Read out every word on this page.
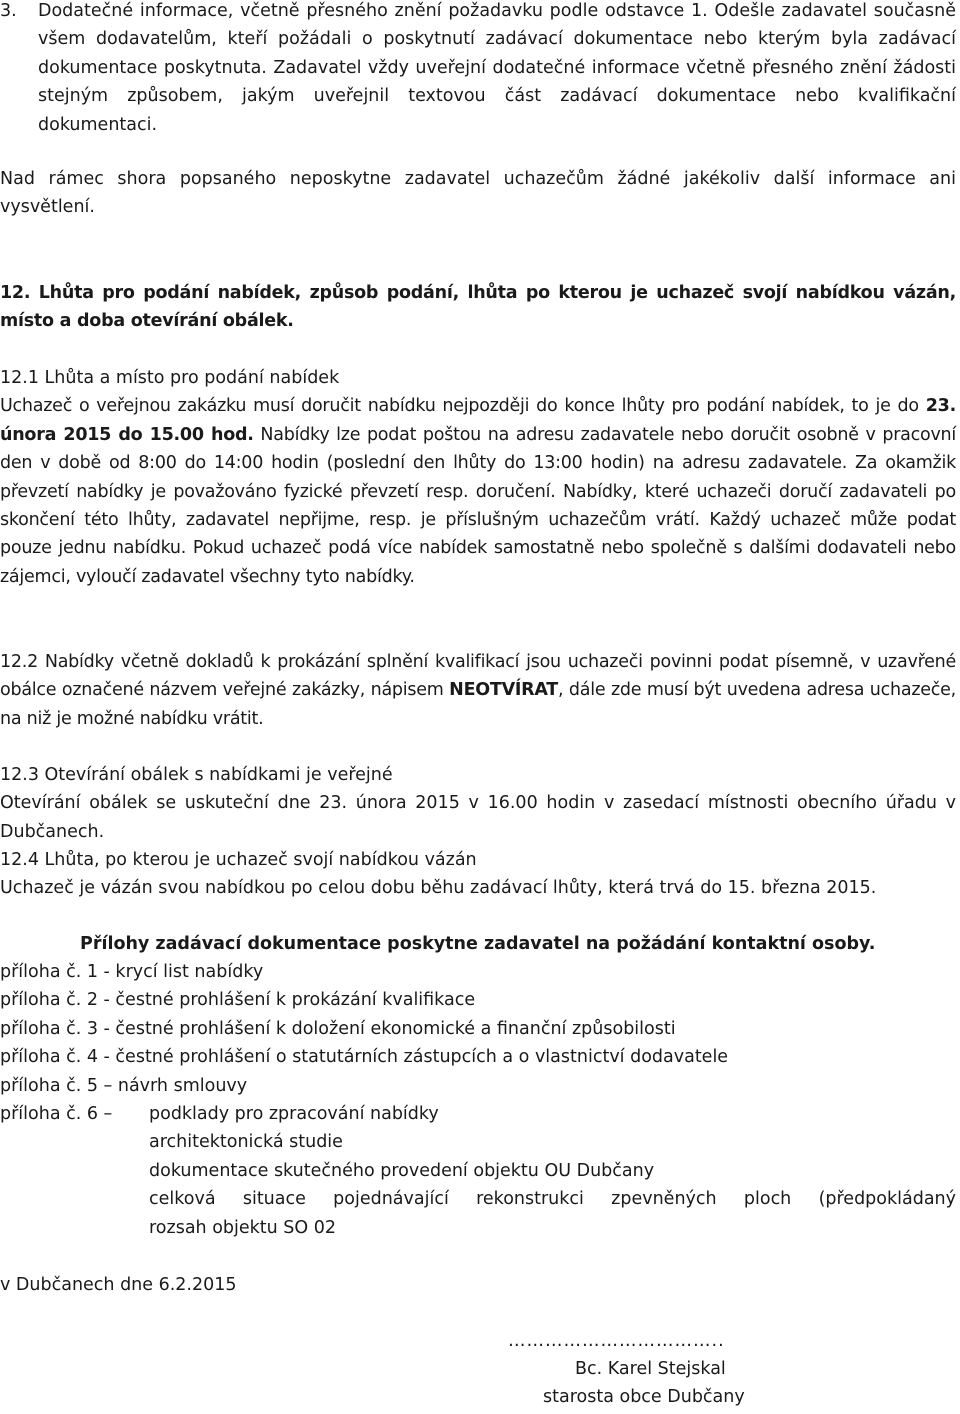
3. Dodatečné informace, včetně přesného znění požadavku podle odstavce 1. Odešle zadavatel současně všem dodavatelům, kteří požádali o poskytnutí zadávací dokumentace nebo kterým byla zadávací dokumentace poskytnuta. Zadavatel vždy uveřejní dodatečné informace včetně přesného znění žádosti stejným způsobem, jakým uveřejnil textovou část zadávací dokumentace nebo kvalifikační dokumentaci.

Nad rámec shora popsaného neposkytne zadavatel uchazečům žádné jakékoliv další informace ani vysvětlení.

12. Lhůta pro podání nabídek, způsob podání, lhůta po kterou je uchazeč svojí nabídkou vázán, místo a doba otevírání obálek.

12.1 Lhůta a místo pro podání nabídek

Uchazeč o veřejnou zakázku musí doručit nabídku nejpozději do konce lhůty pro podání nabídek, to je do 23. února 2015 do 15.00 hod. Nabídky lze podat poštou na adresu zadavatele nebo doručit osobně v pracovní den v době od 8:00 do 14:00 hodin (poslední den lhůty do 13:00 hodin) na adresu zadavatele. Za okamžik převzetí nabídky je považováno fyzické převzetí resp. doručení. Nabídky, které uchazeči doručí zadavateli po skončení této lhůty, zadavatel nepřijme, resp. je příslušným uchazečům vrátí. Každý uchazeč může podat pouze jednu nabídku. Pokud uchazeč podá více nabídek samostatně nebo společně s dalšími dodavateli nebo zájemci, vyloučí zadavatel všechny tyto nabídky.

12.2 Nabídky včetně dokladů k prokázání splnění kvalifikací jsou uchazeči povinni podat písemně, v uzavřené obálce označené názvem veřejné zakázky, nápisem NEOTVÍRAT, dále zde musí být uvedena adresa uchazeče, na niž je možné nabídku vrátit.

12.3 Otevírání obálek s nabídkami je veřejné

Otevírání obálek se uskuteční dne 23. února 2015 v 16.00 hodin v zasedací místnosti obecního úřadu v Dubčanech.

12.4 Lhůta, po kterou je uchazeč svojí nabídkou vázán

Uchazeč je vázán svou nabídkou po celou dobu běhu zadávací lhůty, která trvá do 15. března 2015.

Přílohy zadávací dokumentace poskytne zadavatel na požádání kontaktní osoby.

příloha č. 1 - krycí list nabídky
příloha č. 2 - čestné prohlášení k prokázání kvalifikace
příloha č. 3 - čestné prohlášení k doložení ekonomické a finanční způsobilosti
příloha č. 4 - čestné prohlášení o statutárních zástupcích a o vlastnictví dodavatele
příloha č. 5 – návrh smlouvy
příloha č. 6 – podklady pro zpracování nabídky
architektonická studie
dokumentace skutečného provedení objektu OU Dubčany
celková situace pojednávající rekonstrukci zpevněných ploch (předpokládaný
rozsah objektu SO 02

v Dubčanech dne 6.2.2015

……………………………..

Bc. Karel Stejskal

starosta obce Dubčany
